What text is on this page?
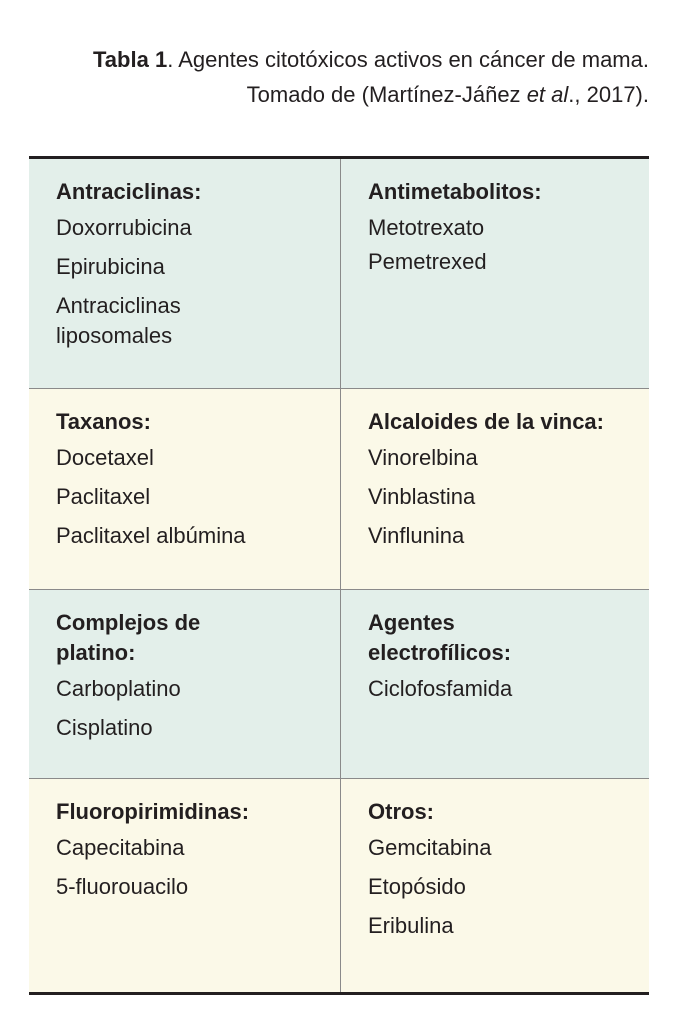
Tabla 1. Agentes citotóxicos activos en cáncer de mama. Tomado de (Martínez-Jáñez et al., 2017).
Antraciclinas:
Doxorrubicina
Epirubicina
Antraciclinas liposomales
Antimetabolitos:
Metotrexato
Pemetrexed
Taxanos:
Docetaxel
Paclitaxel
Paclitaxel albúmina
Alcaloides de la vinca:
Vinorelbina
Vinblastina
Vinflunina
Complejos de platino:
Carboplatino
Cisplatino
Agentes electrofílicos:
Ciclofosfamida
Fluoropirimidinas:
Capecitabina
5-fluorouacilo
Otros:
Gemcitabina
Etopósido
Eribulina
